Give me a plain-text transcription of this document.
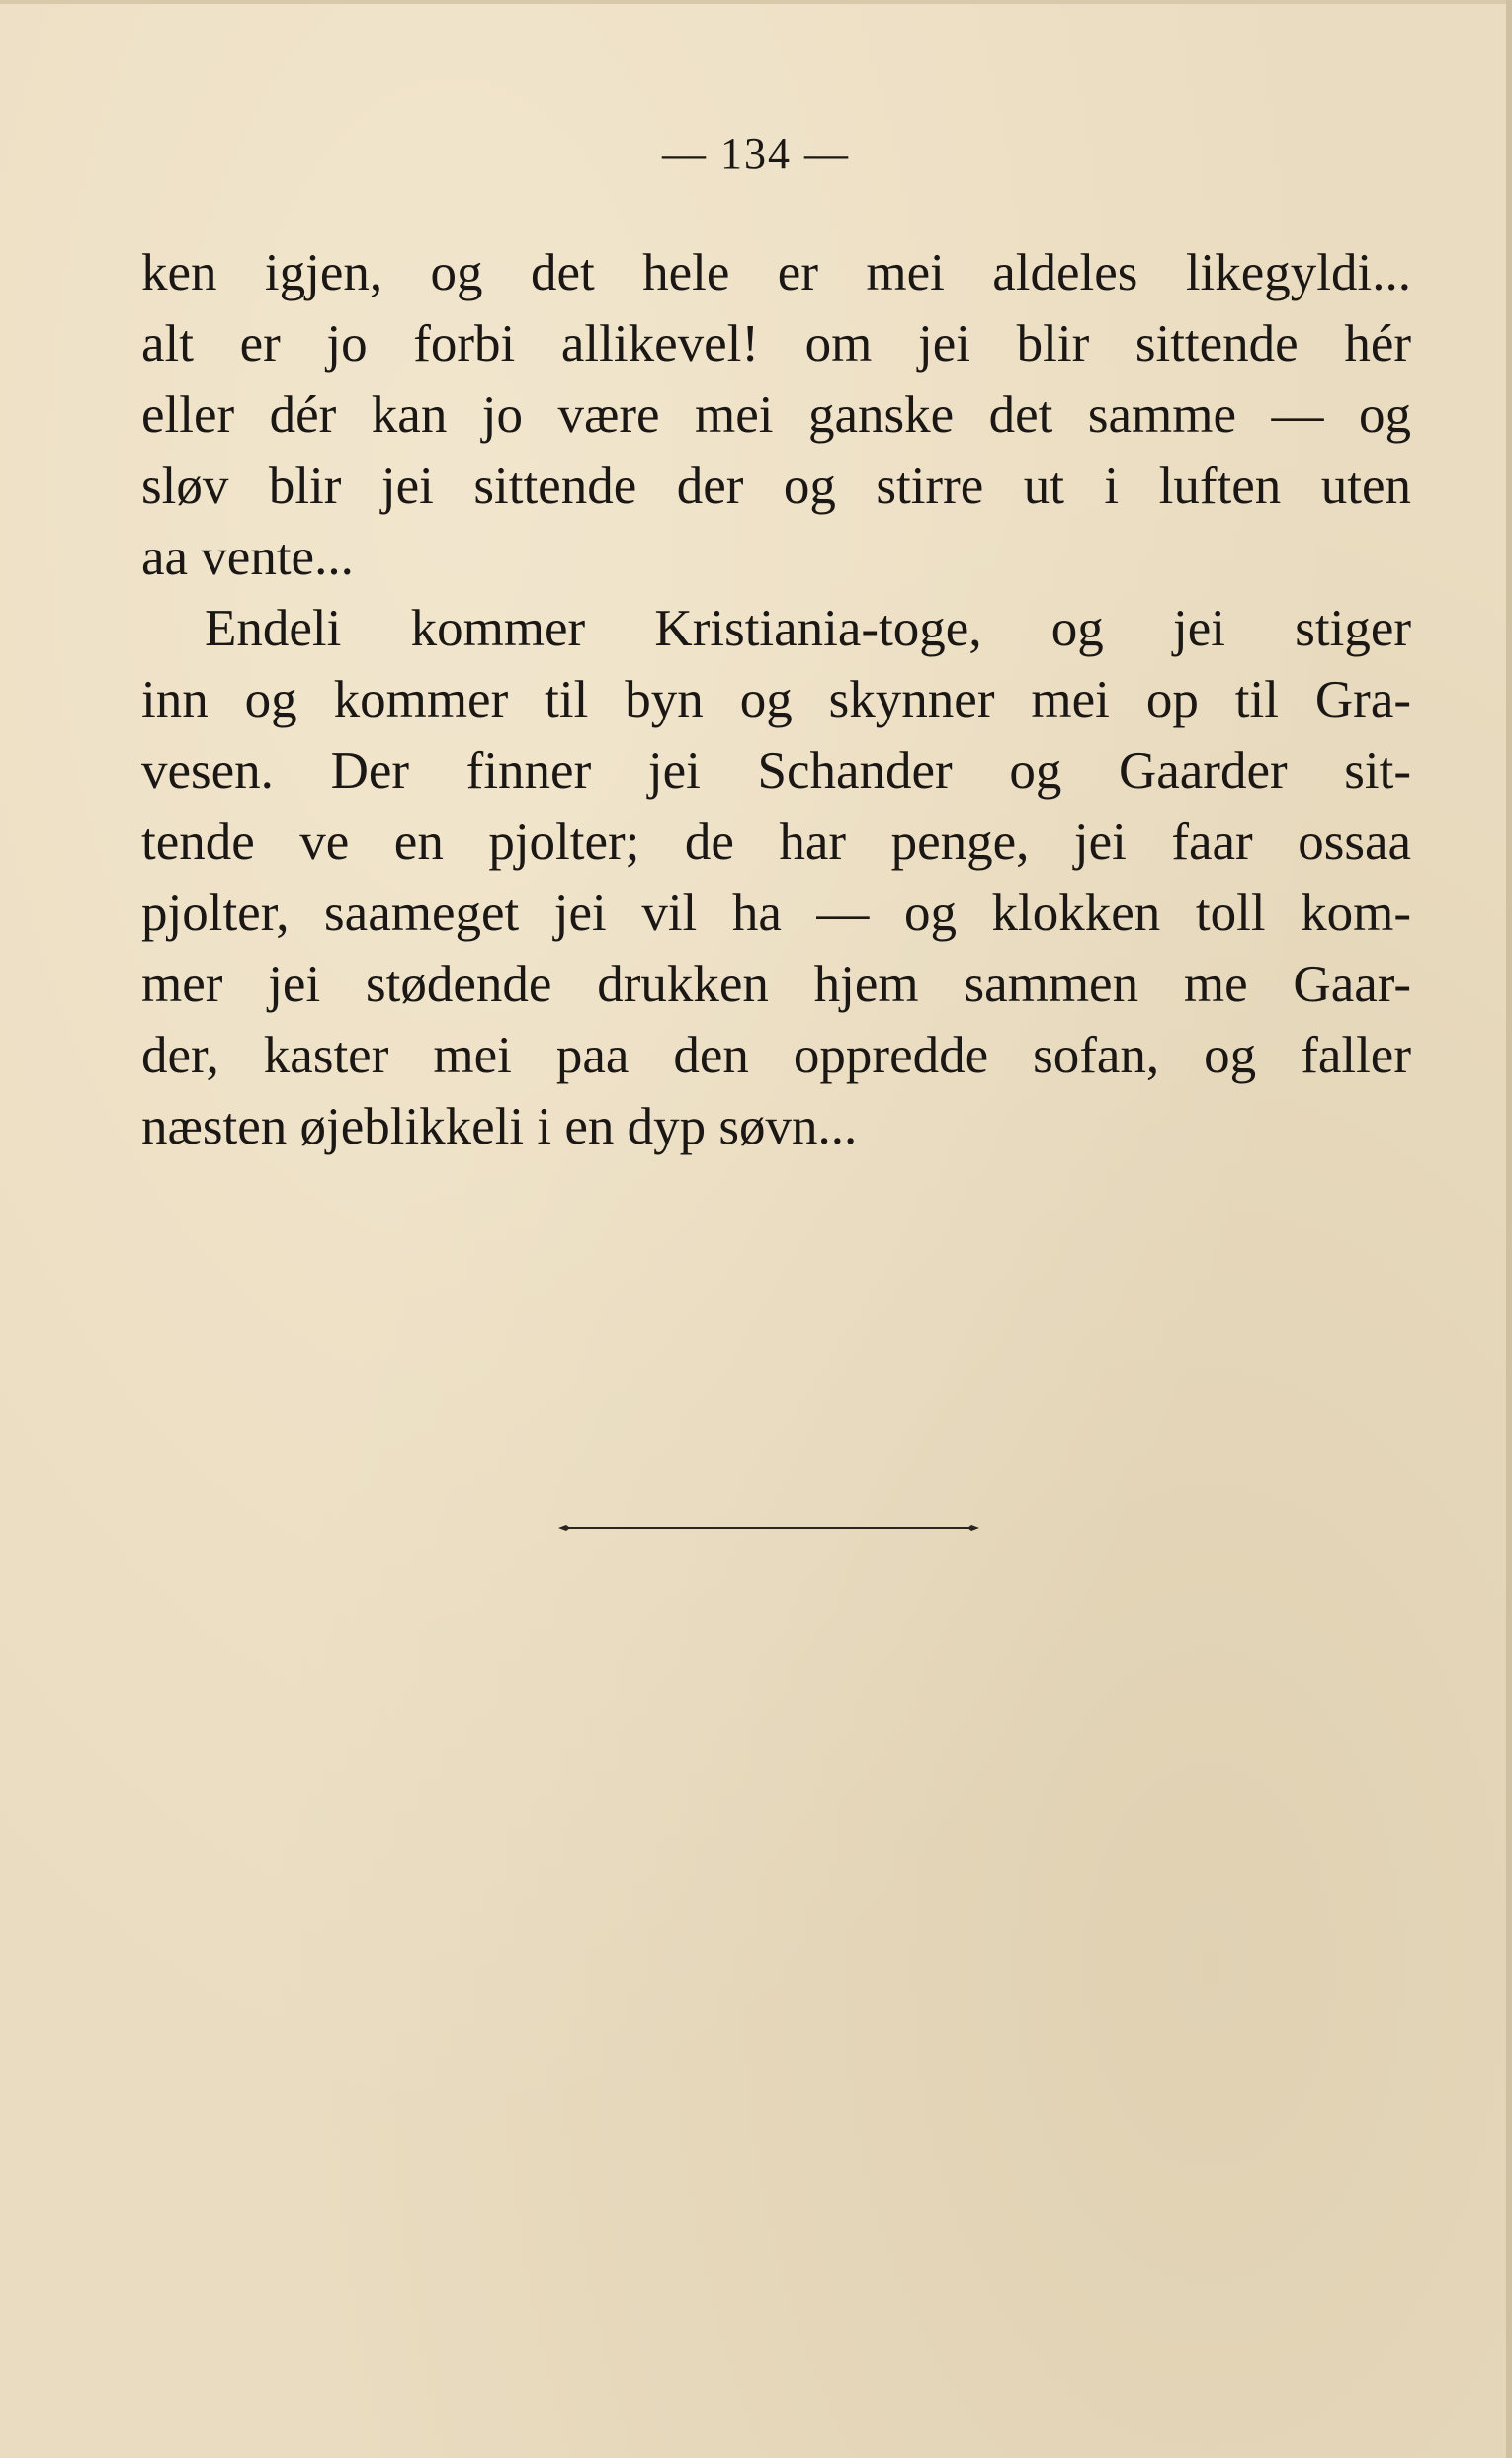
— 134 —
ken igjen, og det hele er mei aldeles likegyldi...
alt er jo forbi allikevel! om jei blir sittende hér
eller dér kan jo være mei ganske det samme — og
sløv blir jei sittende der og stirre ut i luften uten
aa vente...
Endeli kommer Kristiania-toge, og jei stiger
inn og kommer til byn og skynner mei op til Gra-
vesen. Der finner jei Schander og Gaarder sit-
tende ve en pjolter; de har penge, jei faar ossaa
pjolter, saameget jei vil ha — og klokken toll kom-
mer jei stødende drukken hjem sammen me Gaar-
der, kaster mei paa den oppredde sofan, og faller
næsten øjeblikkeli i en dyp søvn...
